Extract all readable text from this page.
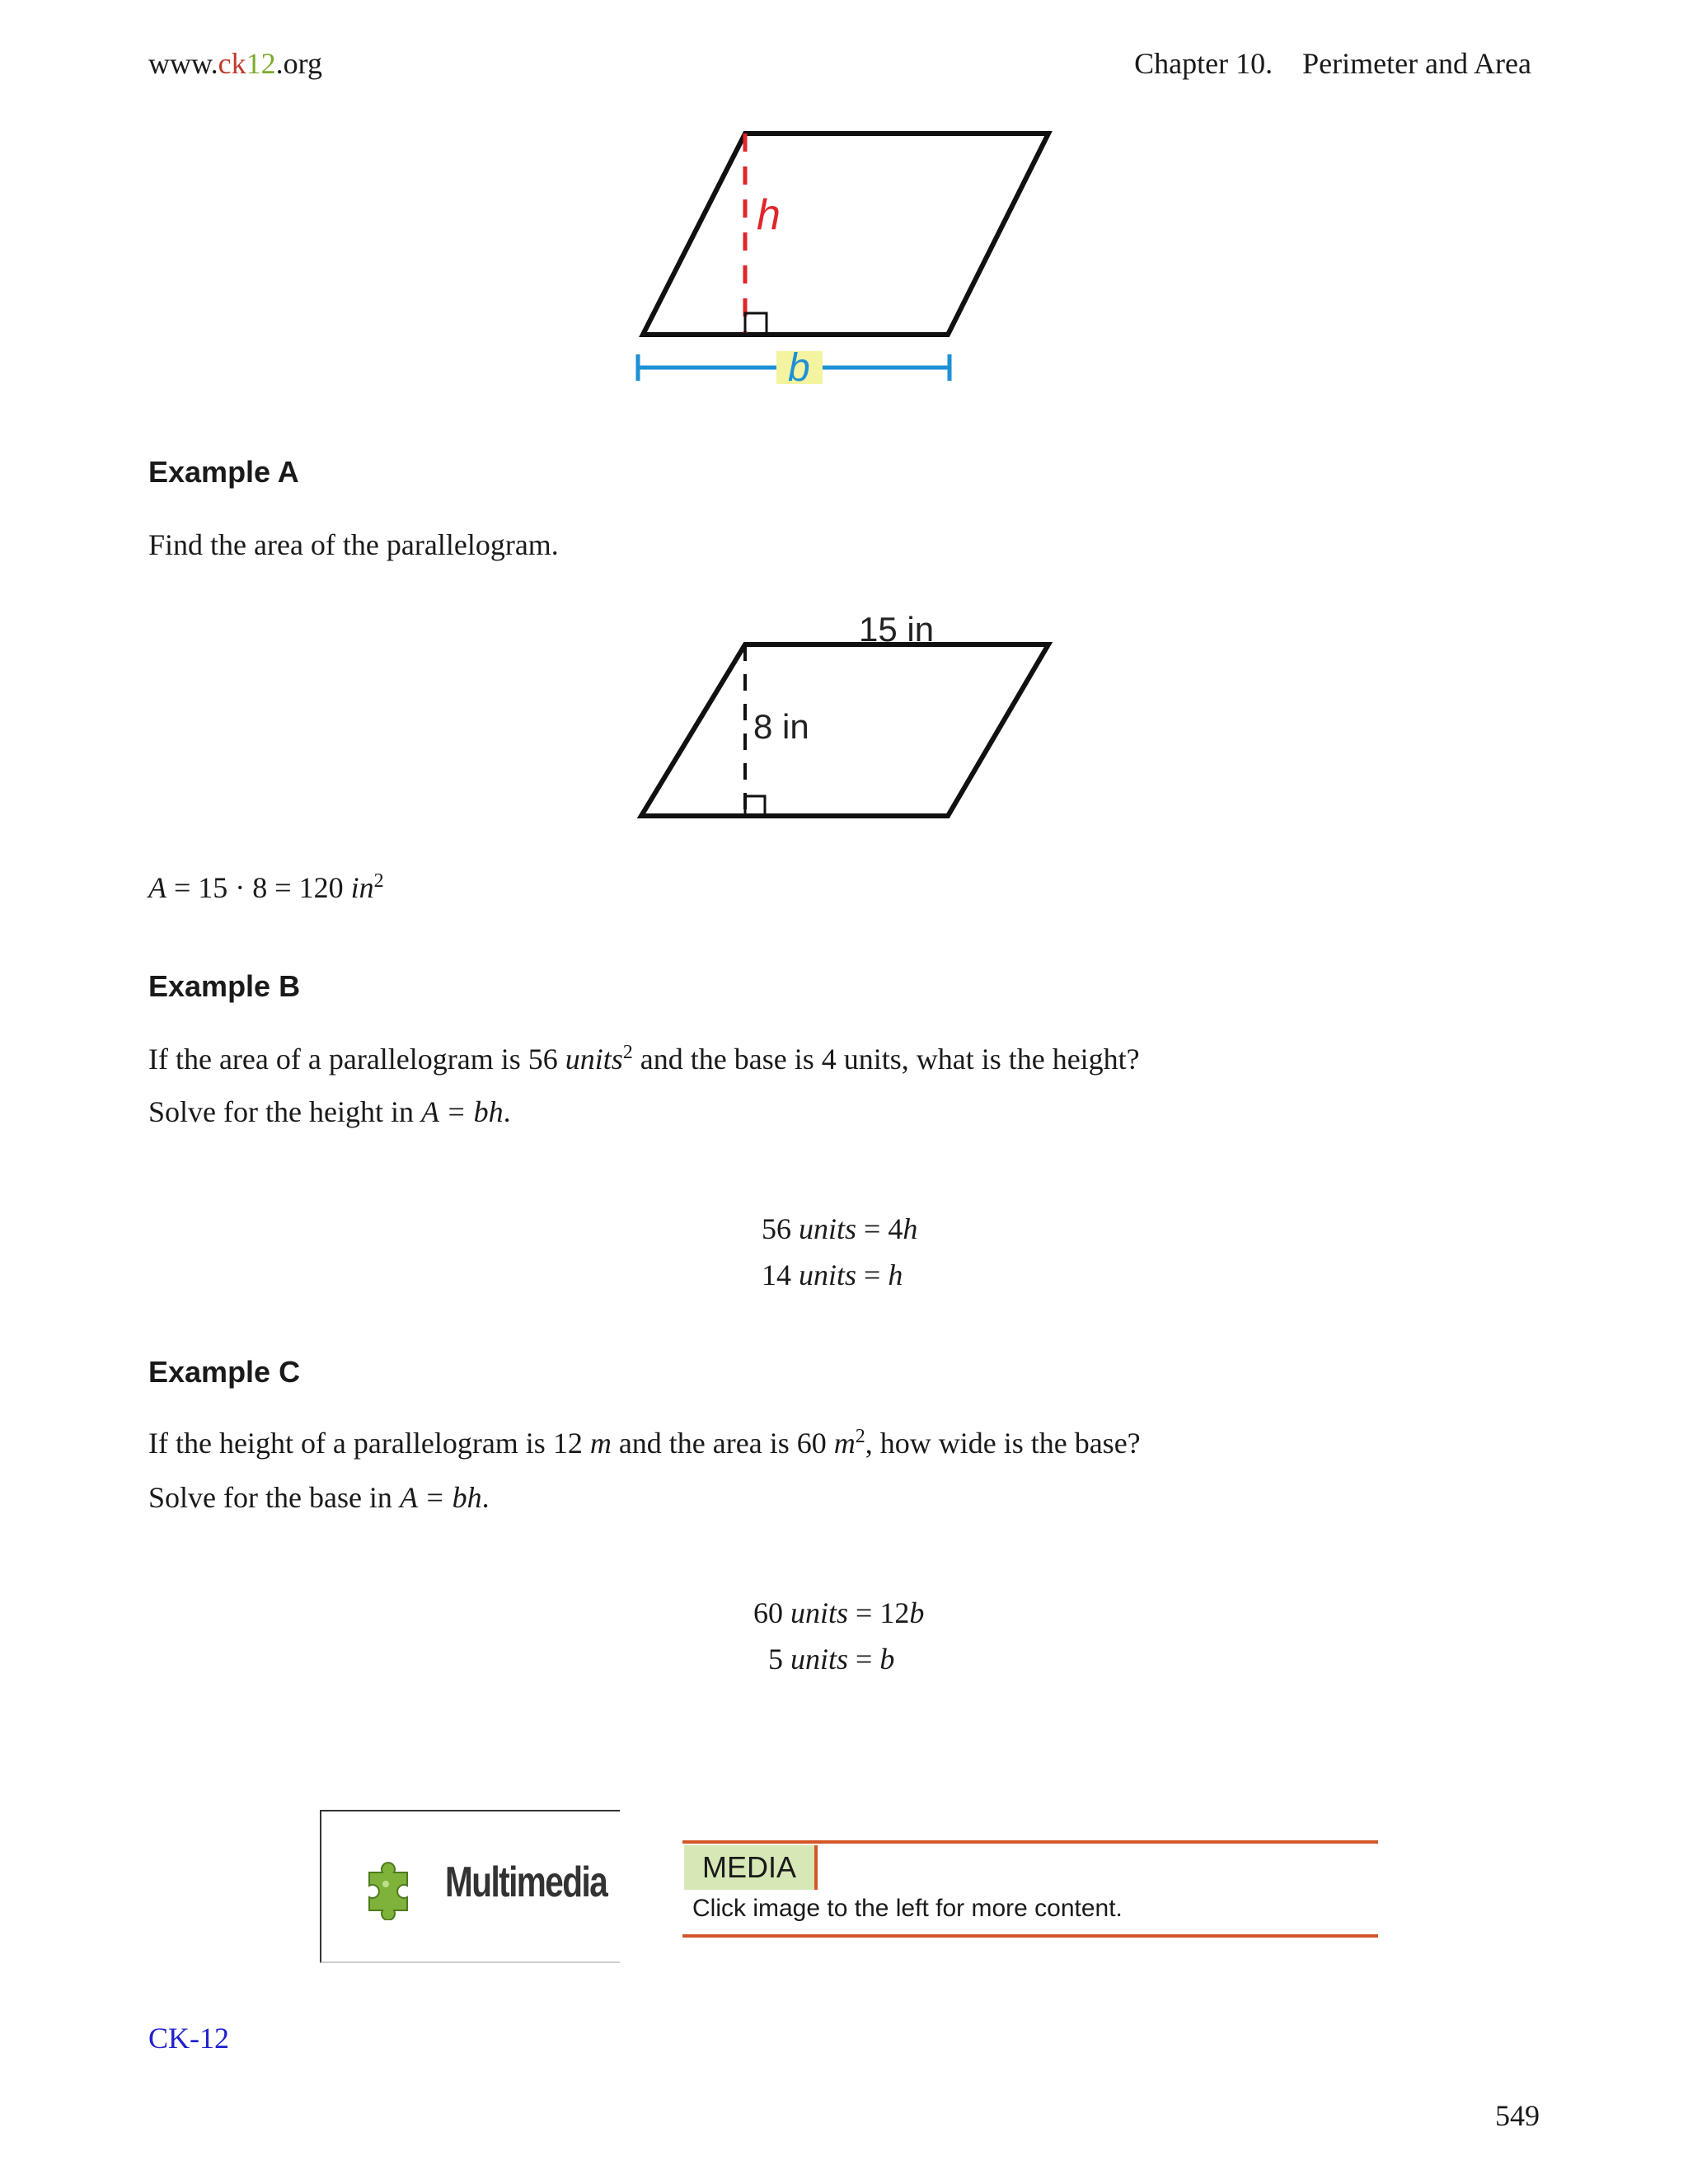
www.ck12.org	Chapter 10. Perimeter and Area
h
b
Example A
Find the area of the parallelogram.
15 in
8 in
A = 15 · 8 = 120 $in^2$
Example B
If the area of a parallelogram is 56 units$^2$ and the base is 4 units, what is the height?
Solve for the height in A = bh.
56 units = 4h
14 units = h
Example C
If the height of a parallelogram is 12 m and the area is 60 $m^2$, how wide is the base?
Solve for the base in A = bh.
60 units = 12b
5 units = b
Multimedia	MEDIA
Click image to the left for more content.
CK-12
549
